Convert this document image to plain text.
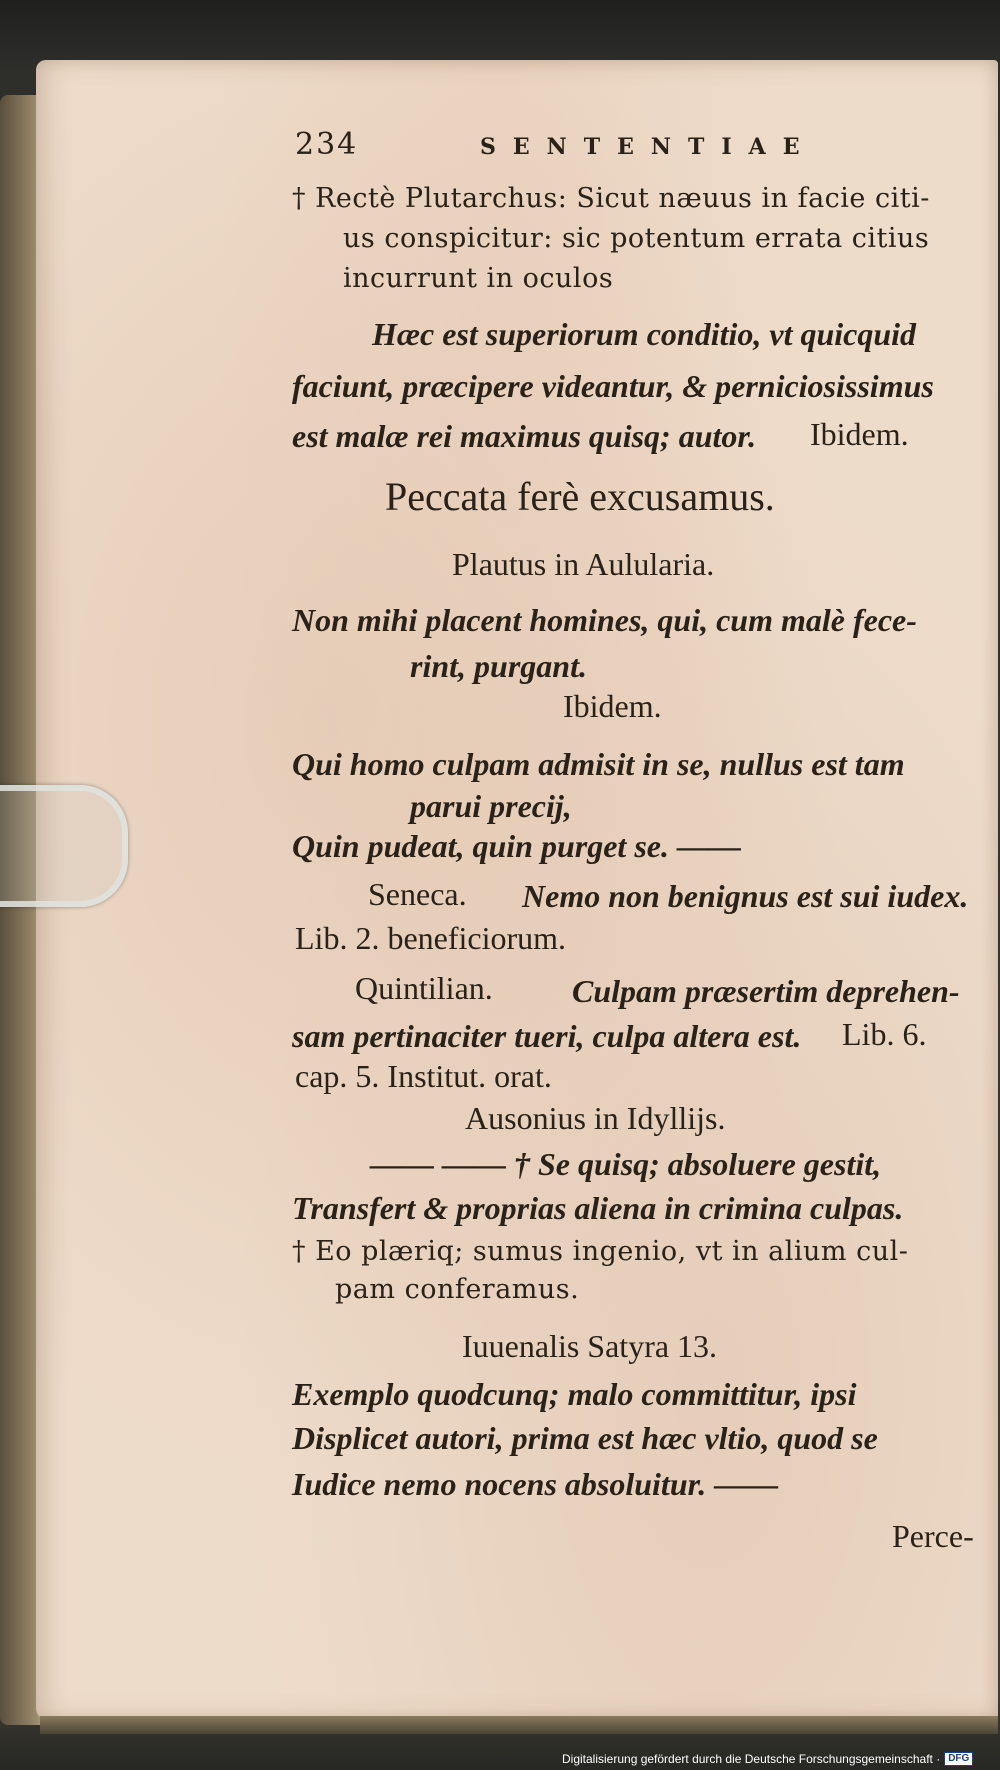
234	SENTENTIAE
† Rectè Plutarchus: Sicut næuus in facie citi-
us conspicitur: sic potentum errata citius
incurrunt in oculos
Hæc est superiorum conditio, vt quicquid
faciunt, præcipere videantur, & perniciosissimus
est malæ rei maximus quisq; autor. Ibidem.
Peccata ferè excusamus.
Plautus in Aulularia.
Non mihi placent homines, qui, cum malè fece-
rint, purgant.
Ibidem.
Qui homo culpam admisit in se, nullus est tam
parui precij,
Quin pudeat, quin purget se. ——
Seneca. Nemo non benignus est sui iudex.
Lib. 2. beneficiorum.
Quintilian. Culpam præsertim deprehen-
sam pertinaciter tueri, culpa altera est. Lib. 6.
cap. 5. Institut. orat.
Ausonius in Idyllijs.
—— —— † Se quisq; absoluere gestit,
Transfert & proprias aliena in crimina culpas.
† Eo plæriq; sumus ingenio, vt in alium cul-
pam conferamus.
Iuuenalis Satyra 13.
Exemplo quodcunq; malo committitur, ipsi
Displicet autori, prima est hæc vltio, quod se
Iudice nemo nocens absoluitur. ——
Perce-
Digitalisierung gefördert durch die Deutsche Forschungsgemeinschaft · DFG
